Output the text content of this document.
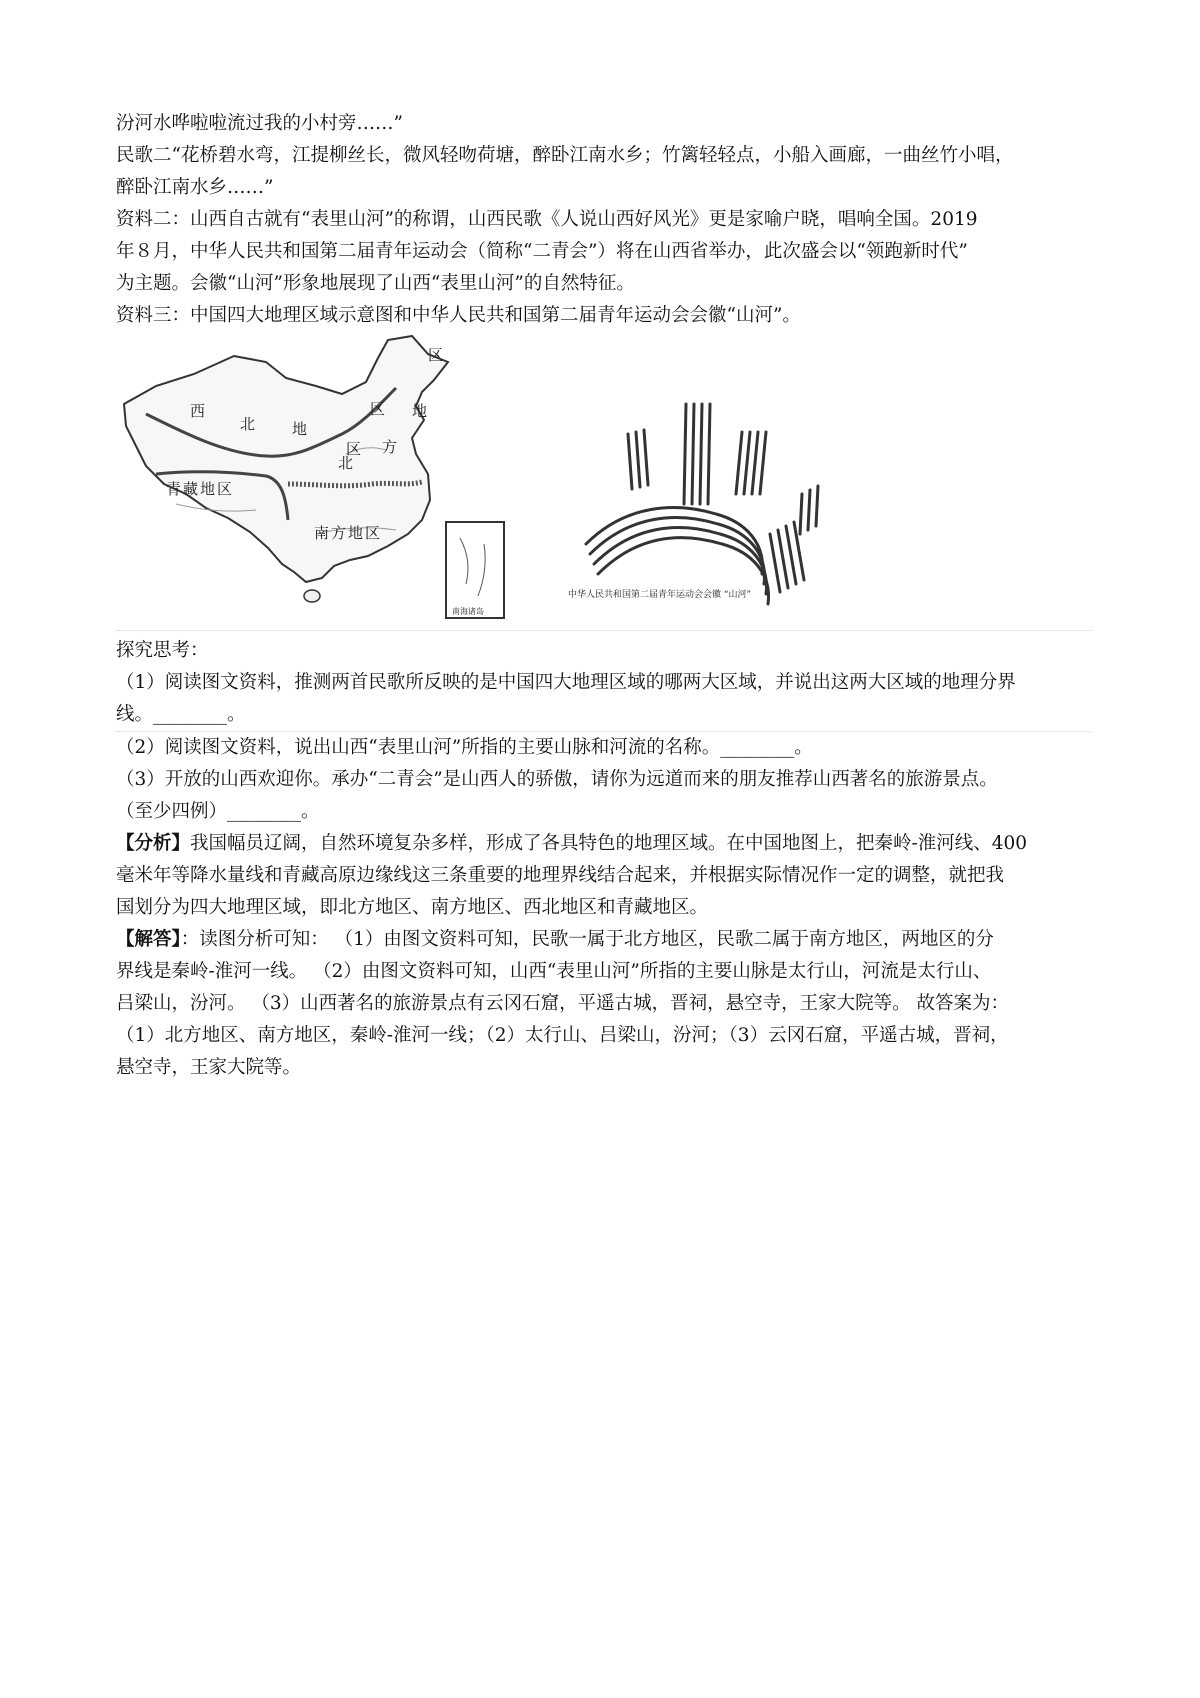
汾河水哗啦啦流过我的小村旁……”

民歌二“花桥碧水弯，江提柳丝长，微风轻吻荷塘，醉卧江南水乡；竹篱轻轻点，小船入画廊，一曲丝竹小唱，

醉卧江南水乡……”

资料二：山西自古就有“表里山河”的称谓，山西民歌《人说山西好风光》更是家喻户晓，唱响全国。2019

年８月，中华人民共和国第二届青年运动会（简称“二青会”）将在山西省举办，此次盛会以“领跑新时代”

为主题。会徽“山河”形象地展现了山西“表里山河”的自然特征。

资料三：中国四大地理区域示意图和中华人民共和国第二届青年运动会会徽“山河”。

西
北 地
区
区
区 地
方
北
青藏地区
南方地区
南海诸岛
中华人民共和国第二届青年运动会会徽 “山河”

探究思考：

（1）阅读图文资料，推测两首民歌所反映的是中国四大地理区域的哪两大区域，并说出这两大区域的地理分界

线。________。

（2）阅读图文资料，说出山西“表里山河”所指的主要山脉和河流的名称。________。

（3）开放的山西欢迎你。承办“二青会”是山西人的骄傲，请你为远道而来的朋友推荐山西著名的旅游景点。

（至少四例）________。

【分析】我国幅员辽阔，自然环境复杂多样，形成了各具特色的地理区域。在中国地图上，把秦岭-淮河线、400

毫米年等降水量线和青藏高原边缘线这三条重要的地理界线结合起来，并根据实际情况作一定的调整，就把我

国划分为四大地理区域，即北方地区、南方地区、西北地区和青藏地区。

【解答】：读图分析可知： （1）由图文资料可知，民歌一属于北方地区，民歌二属于南方地区，两地区的分

界线是秦岭-淮河一线。 （2）由图文资料可知，山西“表里山河”所指的主要山脉是太行山，河流是太行山、

吕梁山，汾河。 （3）山西著名的旅游景点有云冈石窟，平遥古城，晋祠，悬空寺，王家大院等。 故答案为：

（1）北方地区、南方地区，秦岭-淮河一线；（2）太行山、吕梁山，汾河；（3）云冈石窟，平遥古城，晋祠，

悬空寺，王家大院等。
